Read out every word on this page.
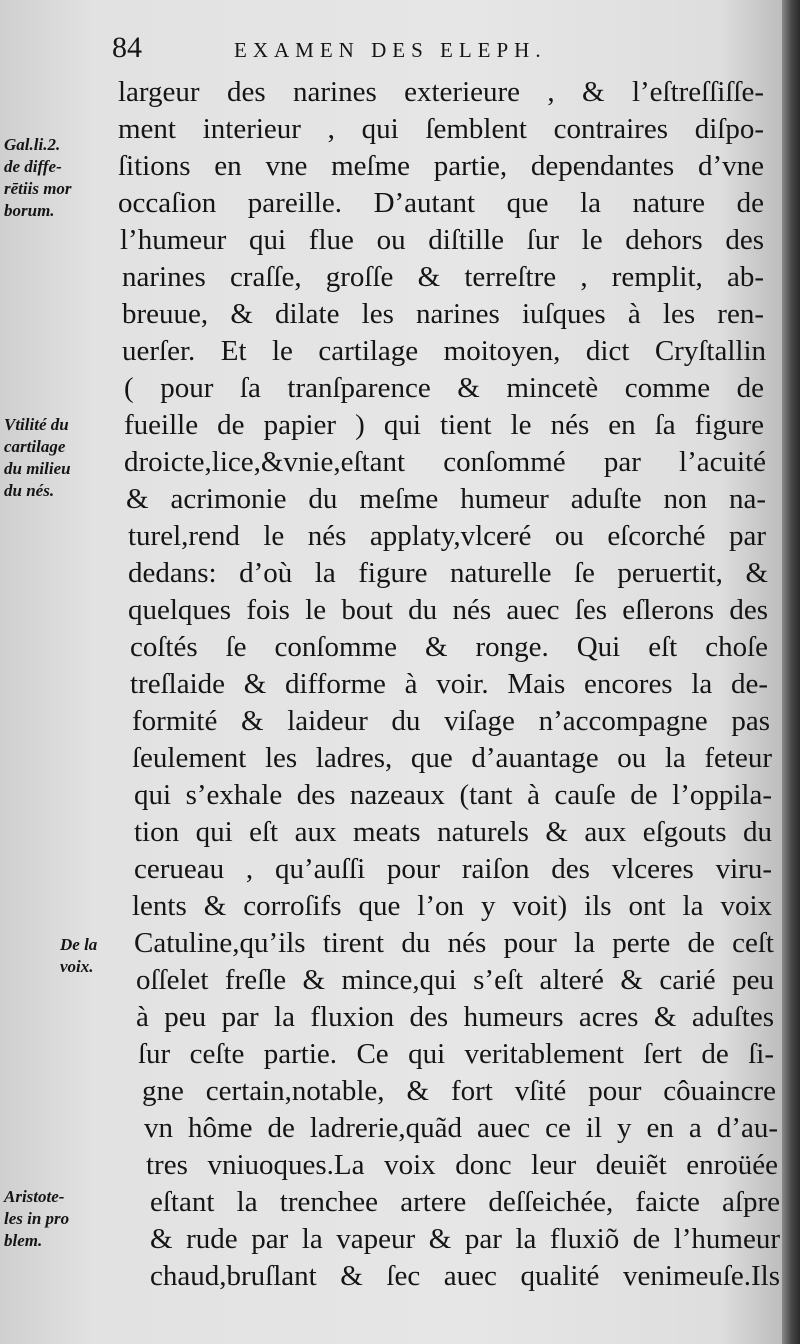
84	EXAMEN DES ELEPH.
Gal.li.2.
de diffe-
rētiis mor
borum.
Vtilité du
cartilage
du milieu
du nés.
De la
voix.
Aristote-
les in pro
blem.
largeur des narines exterieure , & l’eſtreſſiſſe-
ment interieur , qui ſemblent contraires diſpo-
ſitions en vne meſme partie, dependantes d’vne
occaſion pareille. D’autant que la nature de
l’humeur qui flue ou diſtille ſur le dehors des
narines craſſe, groſſe & terreſtre , remplit, ab-
breuue, & dilate les narines iuſques à les ren-
uerſer. Et le cartilage moitoyen, dict Cryſtallin
( pour ſa tranſparence & mincetè comme de
fueille de papier ) qui tient le nés en ſa figure
droicte,lice,&vnie,eſtant conſommé par l’acuité
& acrimonie du meſme humeur aduſte non na-
turel,rend le nés applaty,vlceré ou eſcorché par
dedans: d’où la figure naturelle ſe peruertit, &
quelques fois le bout du nés auec ſes eſlerons des
coſtés ſe conſomme & ronge. Qui eſt choſe
treſlaide & difforme à voir. Mais encores la de-
formité & laideur du viſage n’accompagne pas
ſeulement les ladres, que d’auantage ou la feteur
qui s’exhale des nazeaux (tant à cauſe de l’oppila-
tion qui eſt aux meats naturels & aux eſgouts du
cerueau , qu’auſſi pour raiſon des vlceres viru-
lents & corroſifs que l’on y voit) ils ont la voix
Catuline,qu’ils tirent du nés pour la perte de ceſt
oſſelet freſle & mince,qui s’eſt alteré & carié peu
à peu par la fluxion des humeurs acres & aduſtes
ſur ceſte partie. Ce qui veritablement ſert de ſi-
gne certain,notable, & fort vſité pour côuaincre
vn hôme de ladrerie,quãd auec ce il y en a d’au-
tres vniuoques.La voix donc leur deuiẽt enroüée
eſtant la trenchee artere deſſeichée, faicte aſpre
& rude par la vapeur & par la fluxiõ de l’humeur
chaud,bruſlant & ſec auec qualité venimeuſe.Ils
